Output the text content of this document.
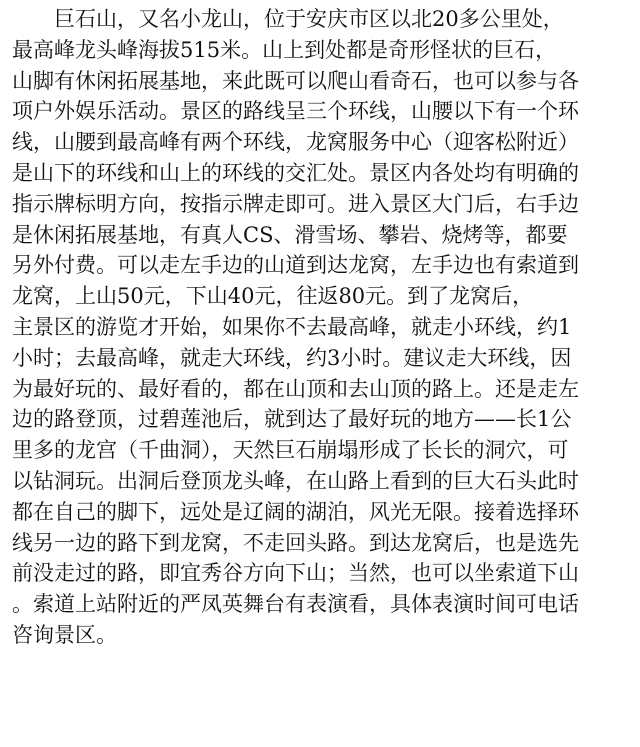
　　巨石山，又名小龙山，位于安庆市区以北20多公里处，
最高峰龙头峰海拔515米。山上到处都是奇形怪状的巨石，
山脚有休闲拓展基地，来此既可以爬山看奇石，也可以参与各
项户外娱乐活动。景区的路线呈三个环线，山腰以下有一个环
线，山腰到最高峰有两个环线，龙窝服务中心（迎客松附近）
是山下的环线和山上的环线的交汇处。景区内各处均有明确的
指示牌标明方向，按指示牌走即可。进入景区大门后，右手边
是休闲拓展基地，有真人CS、滑雪场、攀岩、烧烤等，都要
另外付费。可以走左手边的山道到达龙窝，左手边也有索道到
龙窝，上山50元，下山40元，往返80元。到了龙窝后，
主景区的游览才开始，如果你不去最高峰，就走小环线，约1
小时；去最高峰，就走大环线，约3小时。建议走大环线，因
为最好玩的、最好看的，都在山顶和去山顶的路上。还是走左
边的路登顶，过碧莲池后，就到达了最好玩的地方——长1公
里多的龙宫（千曲洞），天然巨石崩塌形成了长长的洞穴，可
以钻洞玩。出洞后登顶龙头峰，在山路上看到的巨大石头此时
都在自己的脚下，远处是辽阔的湖泊，风光无限。接着选择环
线另一边的路下到龙窝，不走回头路。到达龙窝后，也是选先
前没走过的路，即宜秀谷方向下山；当然，也可以坐索道下山
。索道上站附近的严凤英舞台有表演看，具体表演时间可电话
咨询景区。
